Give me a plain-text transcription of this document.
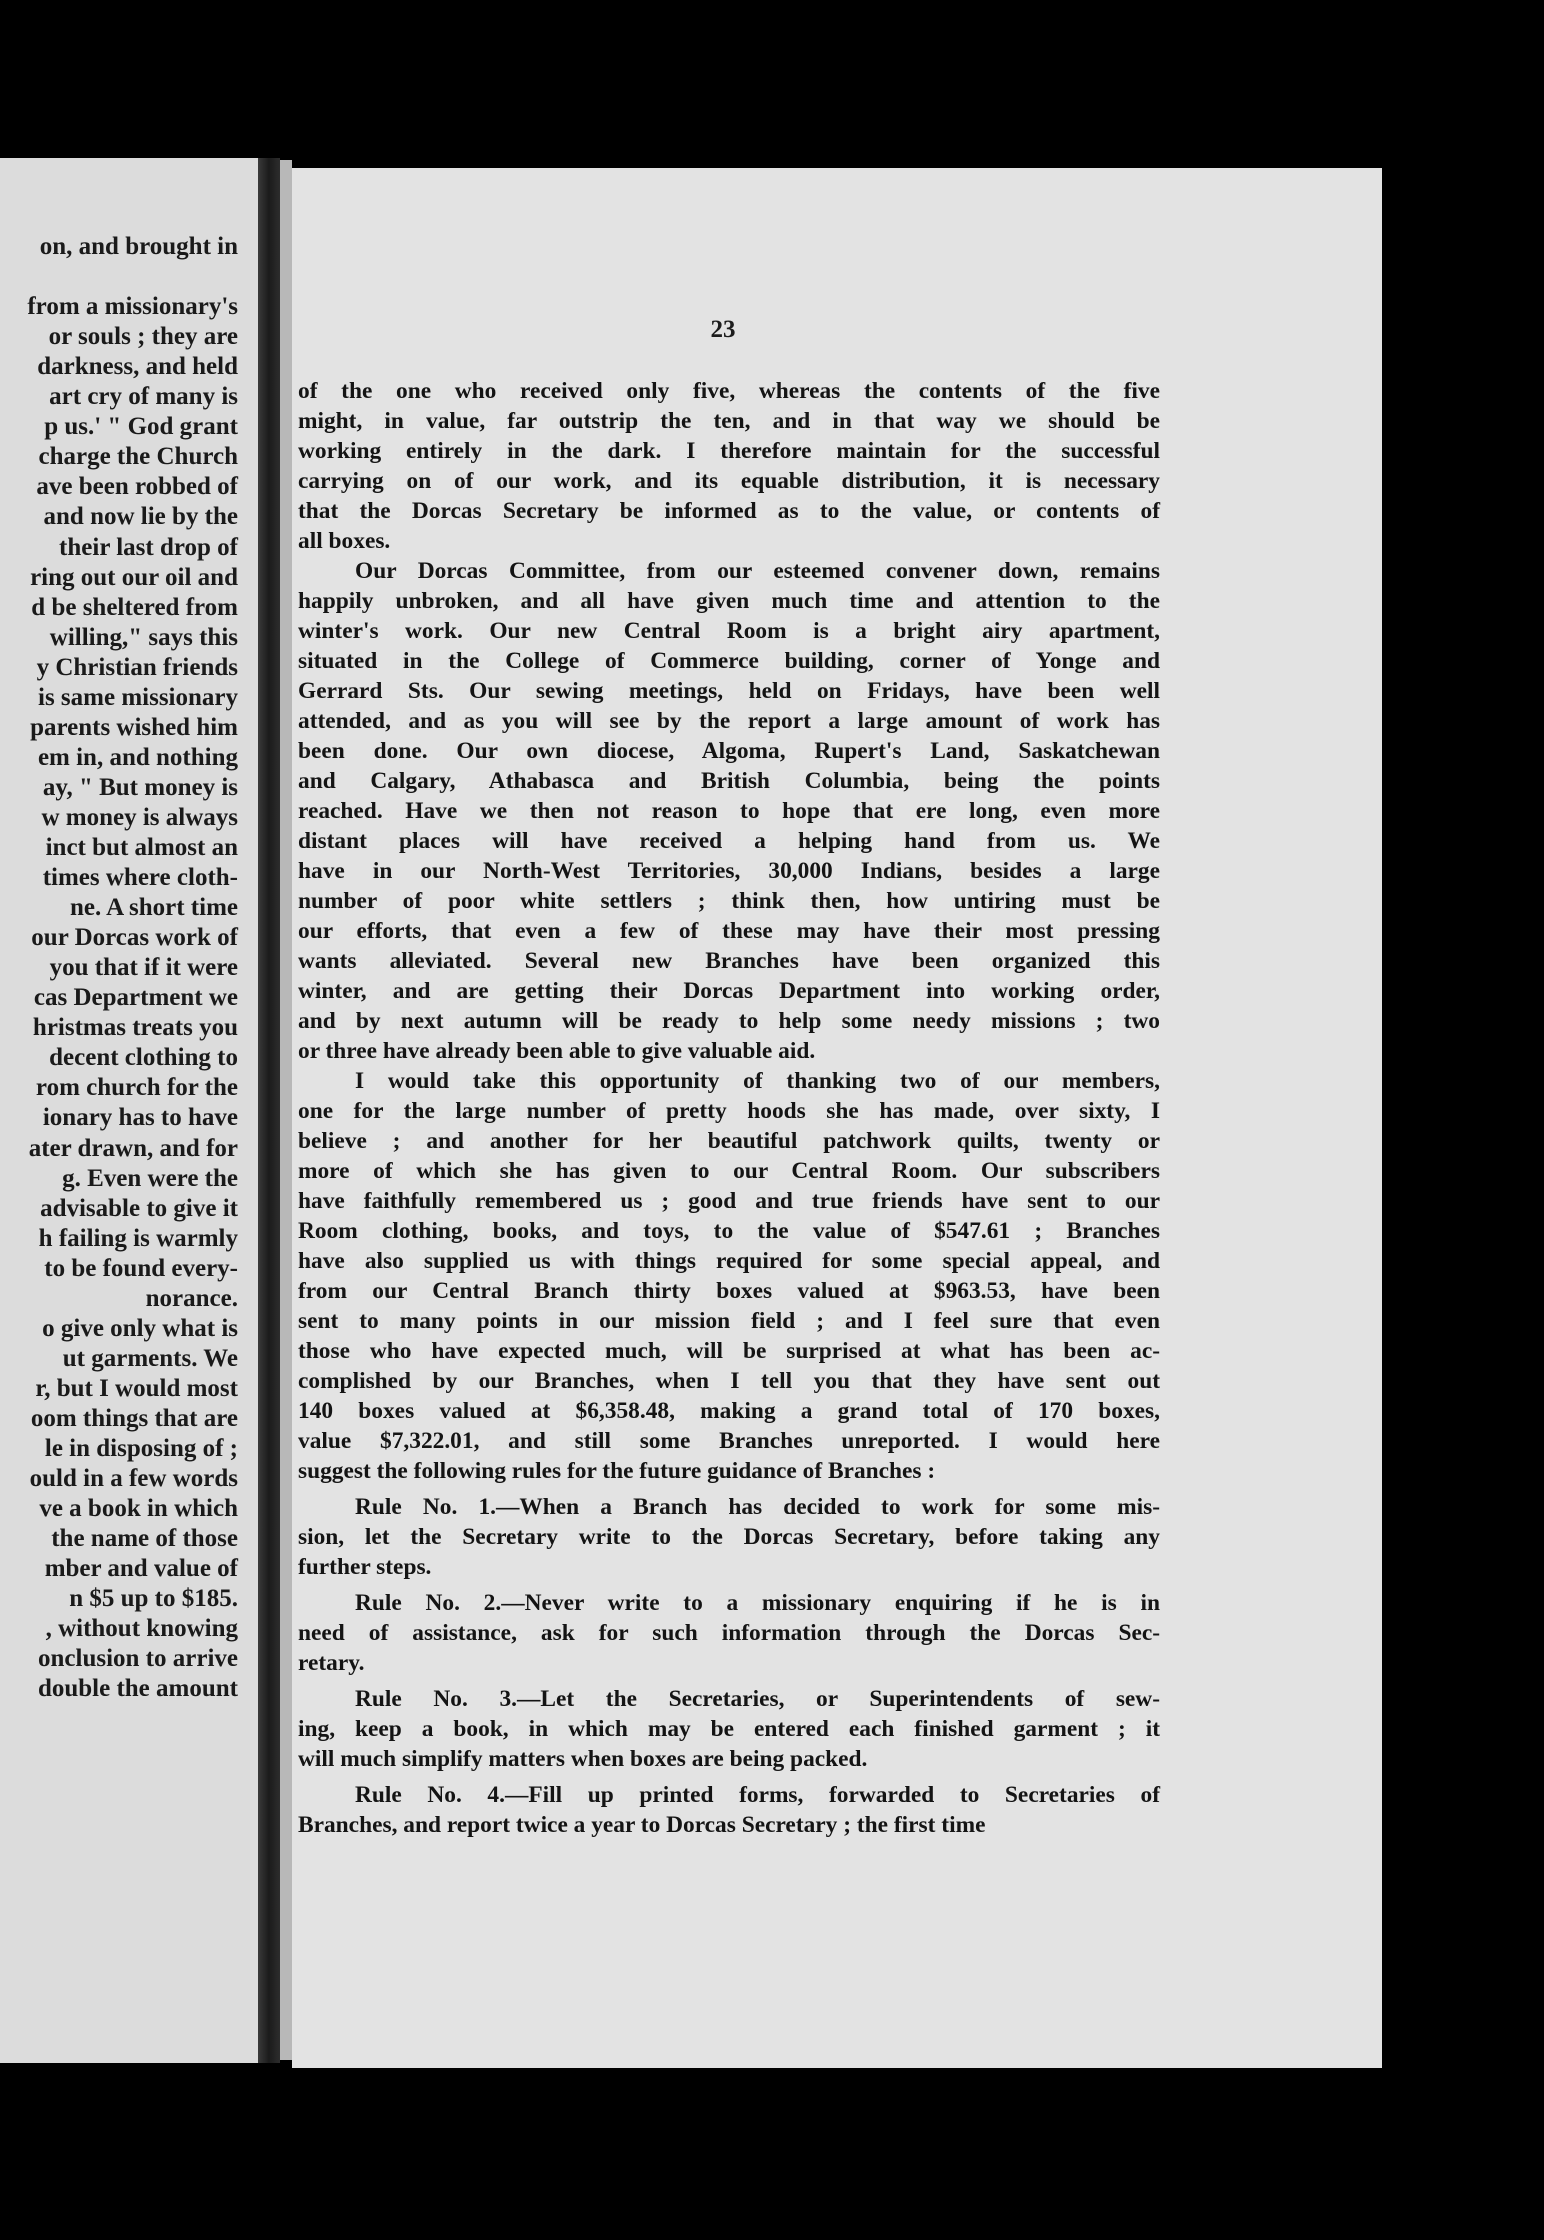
on, and brought in
from a missionary's
or souls ; they are
darkness, and held
art cry of many is
p us.' " God grant
charge the Church
ave been robbed of
and now lie by the
their last drop of
ring out our oil and
d be sheltered from
willing," says this
y Christian friends
is same missionary
parents wished him
em in, and nothing
ay, " But money is
w money is always
inct but almost an
times where cloth-
ne. A short time
our Dorcas work of
you that if it were
cas Department we
hristmas treats you
decent clothing to
rom church for the
ionary has to have
ater drawn, and for
g. Even were the
advisable to give it
h failing is warmly
to be found every-
norance.
o give only what is
ut garments. We
r, but I would most
oom things that are
le in disposing of ;
ould in a few words
ve a book in which
the name of those
mber and value of
n $5 up to $185.
, without knowing
onclusion to arrive
double the amount
23
of the one who received only five, whereas the contents of the five
might, in value, far outstrip the ten, and in that way we should be
working entirely in the dark. I therefore maintain for the successful
carrying on of our work, and its equable distribution, it is necessary
that the Dorcas Secretary be informed as to the value, or contents of
all boxes.
Our Dorcas Committee, from our esteemed convener down, remains
happily unbroken, and all have given much time and attention to the
winter's work. Our new Central Room is a bright airy apartment,
situated in the College of Commerce building, corner of Yonge and
Gerrard Sts. Our sewing meetings, held on Fridays, have been well
attended, and as you will see by the report a large amount of work has
been done. Our own diocese, Algoma, Rupert's Land, Saskatchewan
and Calgary, Athabasca and British Columbia, being the points
reached. Have we then not reason to hope that ere long, even more
distant places will have received a helping hand from us. We
have in our North-West Territories, 30,000 Indians, besides a large
number of poor white settlers ; think then, how untiring must be
our efforts, that even a few of these may have their most pressing
wants alleviated. Several new Branches have been organized this
winter, and are getting their Dorcas Department into working order,
and by next autumn will be ready to help some needy missions ; two
or three have already been able to give valuable aid.
I would take this opportunity of thanking two of our members,
one for the large number of pretty hoods she has made, over sixty, I
believe ; and another for her beautiful patchwork quilts, twenty or
more of which she has given to our Central Room. Our subscribers
have faithfully remembered us ; good and true friends have sent to our
Room clothing, books, and toys, to the value of $547.61 ; Branches
have also supplied us with things required for some special appeal, and
from our Central Branch thirty boxes valued at $963.53, have been
sent to many points in our mission field ; and I feel sure that even
those who have expected much, will be surprised at what has been ac-
complished by our Branches, when I tell you that they have sent out
140 boxes valued at $6,358.48, making a grand total of 170 boxes,
value $7,322.01, and still some Branches unreported. I would here
suggest the following rules for the future guidance of Branches :
Rule No. 1.—When a Branch has decided to work for some mis-
sion, let the Secretary write to the Dorcas Secretary, before taking any
further steps.
Rule No. 2.—Never write to a missionary enquiring if he is in
need of assistance, ask for such information through the Dorcas Sec-
retary.
Rule No. 3.—Let the Secretaries, or Superintendents of sew-
ing, keep a book, in which may be entered each finished garment ; it
will much simplify matters when boxes are being packed.
Rule No. 4.—Fill up printed forms, forwarded to Secretaries of
Branches, and report twice a year to Dorcas Secretary ; the first time
